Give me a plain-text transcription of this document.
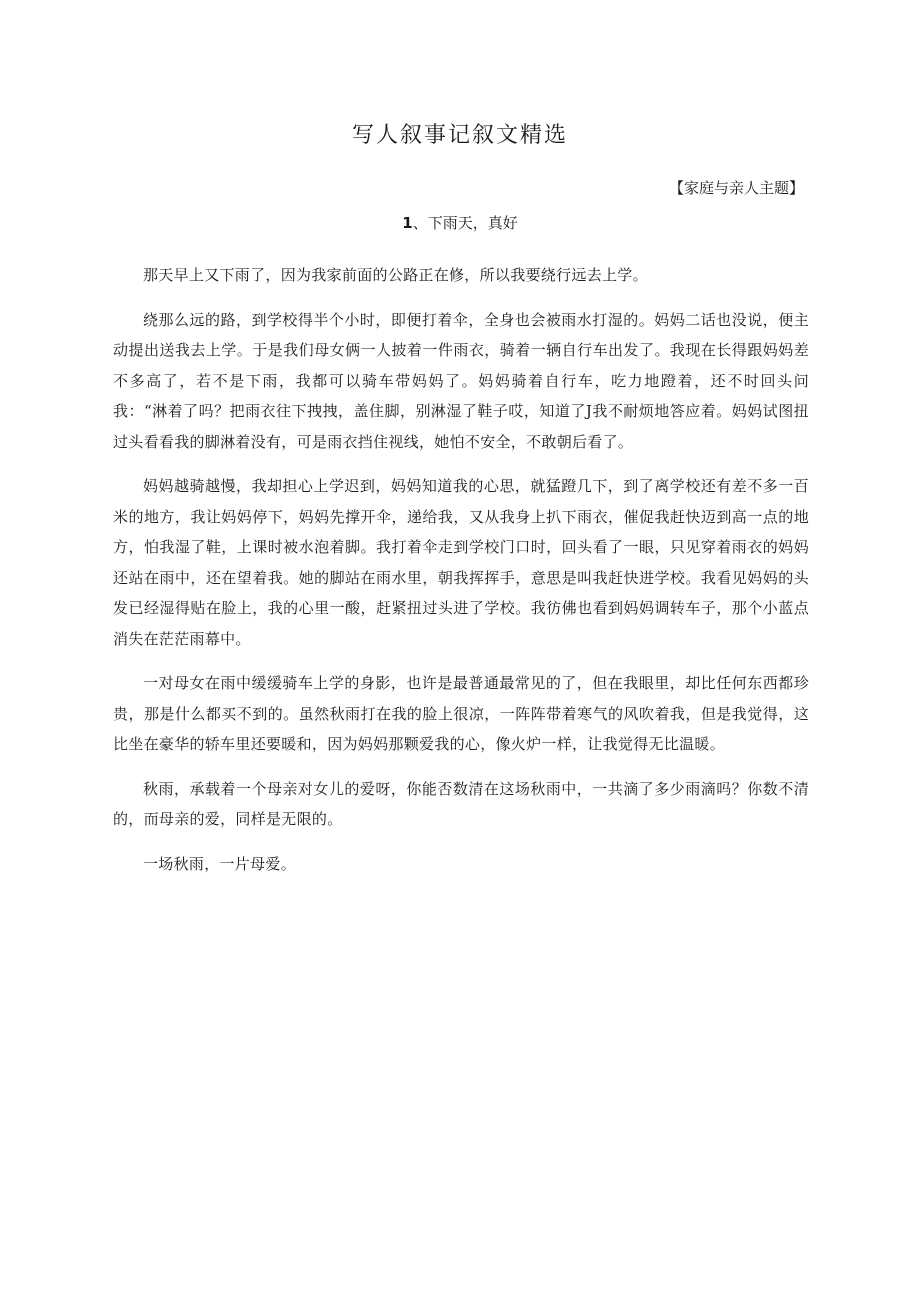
写人叙事记叙文精选

【家庭与亲人主题】

1、下雨天，真好

那天早上又下雨了，因为我家前面的公路正在修，所以我要绕行远去上学。

绕那么远的路，到学校得半个小时，即便打着伞，全身也会被雨水打湿的。妈妈二话也没说，便主动提出送我去上学。于是我们母女俩一人披着一件雨衣，骑着一辆自行车出发了。我现在长得跟妈妈差不多高了，若不是下雨，我都可以骑车带妈妈了。妈妈骑着自行车，吃力地蹬着，还不时回头问我：“淋着了吗？把雨衣往下拽拽，盖住脚，别淋湿了鞋子哎，知道了J我不耐烦地答应着。妈妈试图扭过头看看我的脚淋着没有，可是雨衣挡住视线，她怕不安全，不敢朝后看了。

妈妈越骑越慢，我却担心上学迟到，妈妈知道我的心思，就猛蹬几下，到了离学校还有差不多一百米的地方，我让妈妈停下，妈妈先撑开伞，递给我，又从我身上扒下雨衣，催促我赶快迈到高一点的地方，怕我湿了鞋，上课时被水泡着脚。我打着伞走到学校门口时，回头看了一眼，只见穿着雨衣的妈妈还站在雨中，还在望着我。她的脚站在雨水里，朝我挥挥手，意思是叫我赶快进学校。我看见妈妈的头发已经湿得贴在脸上，我的心里一酸，赶紧扭过头进了学校。我彷佛也看到妈妈调转车子，那个小蓝点消失在茫茫雨幕中。

一对母女在雨中缓缓骑车上学的身影，也许是最普通最常见的了，但在我眼里，却比任何东西都珍贵，那是什么都买不到的。虽然秋雨打在我的脸上很凉，一阵阵带着寒气的风吹着我，但是我觉得，这比坐在豪华的轿车里还要暖和，因为妈妈那颗爱我的心，像火炉一样，让我觉得无比温暖。

秋雨，承载着一个母亲对女儿的爱呀，你能否数清在这场秋雨中，一共滴了多少雨滴吗？你数不清的，而母亲的爱，同样是无限的。

一场秋雨，一片母爱。
